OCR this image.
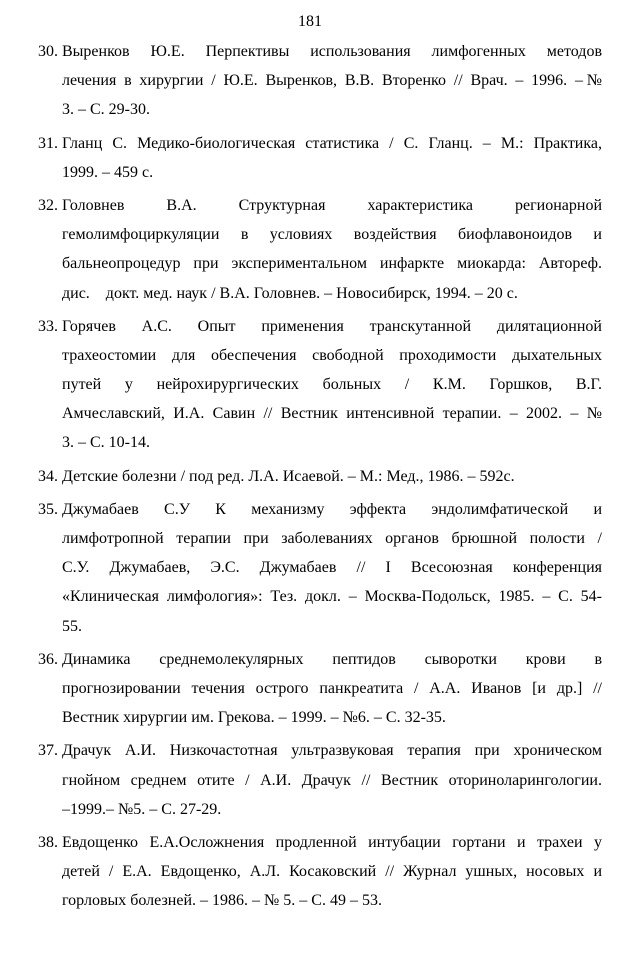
181
30. Выренков Ю.Е. Перпективы использования лимфогенных методов
лечения в хирургии / Ю.Е. Выренков, В.В. Вторенко // Врач. – 1996. –№
3. – С. 29-30.
31. Гланц С. Медико-биологическая статистика / С. Гланц. – М.: Практика,
1999. – 459 с.
32. Головнев В.А. Структурная характеристика регионарной
гемолимфоциркуляции в условиях воздействия биофлавоноидов и
бальнеопроцедур при экспериментальном инфаркте миокарда: Автореф.
дис.    докт. мед. наук / В.А. Головнев. – Новосибирск, 1994. – 20 с.
33. Горячев А.С. Опыт применения транскутанной дилятационной
трахеостомии для обеспечения свободной проходимости дыхательных
путей у нейрохирургических больных / К.М. Горшков, В.Г.
Амчеславский, И.А. Савин // Вестник интенсивной терапии. – 2002. – №
3. – С. 10-14.
34. Детские болезни / под ред. Л.А. Исаевой. – М.: Мед., 1986. – 592с.
35. Джумабаев С.У К механизму эффекта эндолимфатической и
лимфотропной терапии при заболеваниях органов брюшной полости /
С.У. Джумабаев, Э.С. Джумабаев // I Всесоюзная конференция
«Клиническая лимфология»: Тез. докл. – Москва-Подольск, 1985. – С. 54-
55.
36. Динамика среднемолекулярных пептидов сыворотки крови в
прогнозировании течения острого панкреатита / А.А. Иванов [и др.] //
Вестник хирургии им. Грекова. – 1999. – №6. – С. 32-35.
37. Драчук А.И. Низкочастотная ультразвуковая терапия при хроническом
гнойном среднем отите / А.И. Драчук // Вестник оториноларингологии.
–1999.– №5. – С. 27-29.
38. Евдощенко Е.А.Осложнения продленной интубации гортани и трахеи у
детей / Е.А. Евдощенко, А.Л. Косаковский // Журнал ушных, носовых и
горловых болезней. – 1986. – № 5. – С. 49 – 53.
